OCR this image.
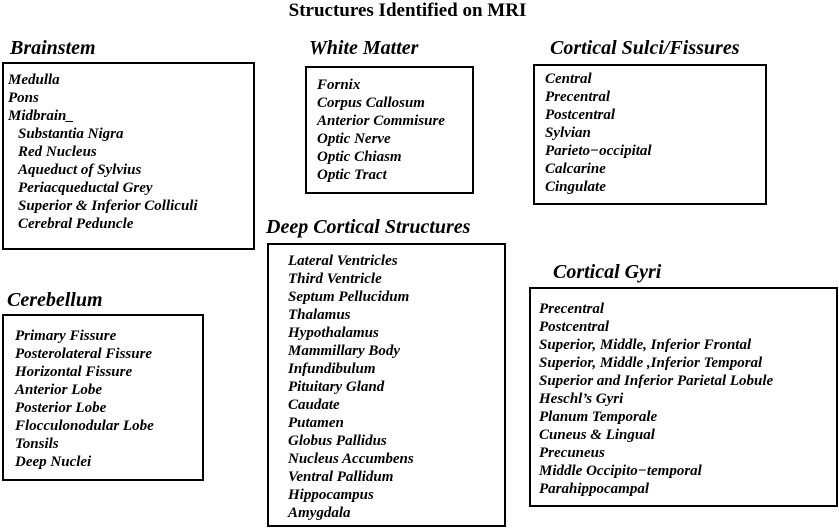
Structures Identified on MRI
Brainstem
Medulla
Pons
Midbrain_
Substantia Nigra
Red Nucleus
Aqueduct of Sylvius
Periacqueductal Grey
Superior & Inferior Colliculi
Cerebral Peduncle
White Matter
Fornix
Corpus Callosum
Anterior Commisure
Optic Nerve
Optic Chiasm
Optic Tract
Cortical Sulci/Fissures
Central
Precentral
Postcentral
Sylvian
Parieto−occipital
Calcarine
Cingulate
Deep Cortical Structures
Lateral Ventricles
Third Ventricle
Septum Pellucidum
Thalamus
Hypothalamus
Mammillary Body
Infundibulum
Pituitary Gland
Caudate
Putamen
Globus Pallidus
Nucleus Accumbens
Ventral Pallidum
Hippocampus
Amygdala
Cerebellum
Primary Fissure
Posterolateral Fissure
Horizontal Fissure
Anterior Lobe
Posterior Lobe
Flocculonodular Lobe
Tonsils
Deep Nuclei
Cortical Gyri
Precentral
Postcentral
Superior, Middle, Inferior Frontal
Superior, Middle ,Inferior Temporal
Superior and Inferior Parietal Lobule
Heschl’s Gyri
Planum Temporale
Cuneus & Lingual
Precuneus
Middle Occipito−temporal
Parahippocampal
